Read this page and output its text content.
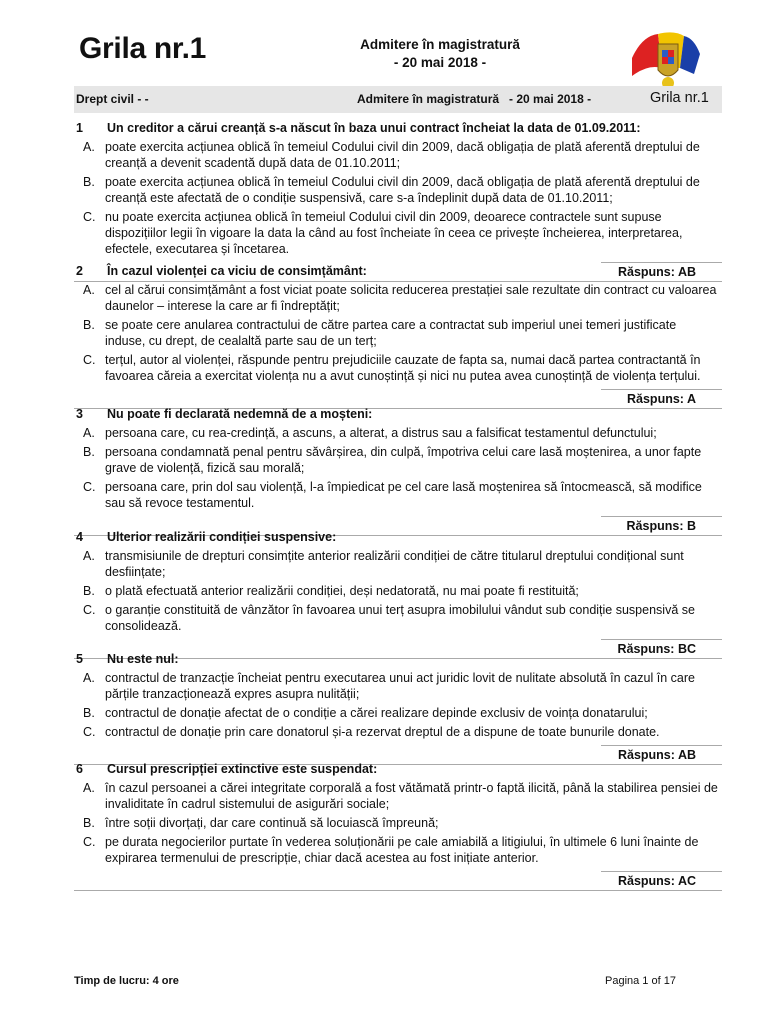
Grila nr.1	Admitere în magistratură
- 20 mai 2018 -
Drept civil - -	Admitere în magistratură   - 20 mai 2018 -	Grila nr.1
1	Un creditor a cărui creanță s-a născut în baza unui contract încheiat la data de 01.09.2011:
A. poate exercita acțiunea oblică în temeiul Codului civil din 2009, dacă obligația de plată aferentă dreptului de creanță a devenit scadentă după data de 01.10.2011;
B. poate exercita acțiunea oblică în temeiul Codului civil din 2009, dacă obligația de plată aferentă dreptului de creanță este afectată de o condiție suspensivă, care s-a îndeplinit după data de 01.10.2011;
C. nu poate exercita acțiunea oblică în temeiul Codului civil din 2009, deoarece contractele sunt supuse dispozițiilor legii în vigoare la data la când au fost încheiate în ceea ce privește încheierea, interpretarea, efectele, executarea și încetarea.
Răspuns: AB
2	În cazul violenței ca viciu de consimțământ:
A. cel al cărui consimțământ a fost viciat poate solicita reducerea prestației sale rezultate din contract cu valoarea daunelor – interese la care ar fi îndreptățit;
B. se poate cere anularea contractului de către partea care a contractat sub imperiul unei temeri justificate induse, cu drept, de cealaltă parte sau de un terț;
C. terțul, autor al violenței, răspunde pentru prejudiciile cauzate de fapta sa, numai dacă partea contractantă în favoarea căreia a exercitat violența nu a avut cunoștință și nici nu putea avea cunoștință de violența terțului.
Răspuns: A
3	Nu poate fi declarată nedemnă de a moșteni:
A. persoana care, cu rea-credință, a ascuns, a alterat, a distrus sau a falsificat testamentul defunctului;
B. persoana condamnată penal pentru săvârșirea, din culpă, împotriva celui care lasă moștenirea, a unor fapte grave de violență, fizică sau morală;
C. persoana care, prin dol sau violență, l-a împiedicat pe cel care lasă moștenirea să întocmească, să modifice sau să revoce testamentul.
Răspuns: B
4	Ulterior realizării condiției suspensive:
A. transmisiunile de drepturi consimțite anterior realizării condiției de către titularul dreptului condițional sunt desființate;
B. o plată efectuată anterior realizării condiției, deși nedatorată, nu mai poate fi restituită;
C. o garanție constituită de vânzător în favoarea unui terț asupra imobilului vândut sub condiție suspensivă se consolidează.
Răspuns: BC
5	Nu este nul:
A. contractul de tranzacție încheiat pentru executarea unui act juridic lovit de nulitate absolută în cazul în care părțile tranzacționează expres asupra nulității;
B. contractul de donație afectat de o condiție a cărei realizare depinde exclusiv de voința donatarului;
C. contractul de donație prin care donatorul și-a rezervat dreptul de a dispune de toate bunurile donate.
Răspuns: AB
6	Cursul prescripției extinctive este suspendat:
A. în cazul persoanei a cărei integritate corporală a fost vătămată printr-o faptă ilicită, până la stabilirea pensiei de invaliditate în cadrul sistemului de asigurări sociale;
B. între soții divorțați, dar care continuă să locuiască împreună;
C. pe durata negocierilor purtate în vederea soluționării pe cale amiabilă a litigiului, în ultimele 6 luni înainte de expirarea termenului de prescripție, chiar dacă acestea au fost inițiate anterior.
Răspuns: AC
Timp de lucru: 4 ore	Pagina 1 of 17
